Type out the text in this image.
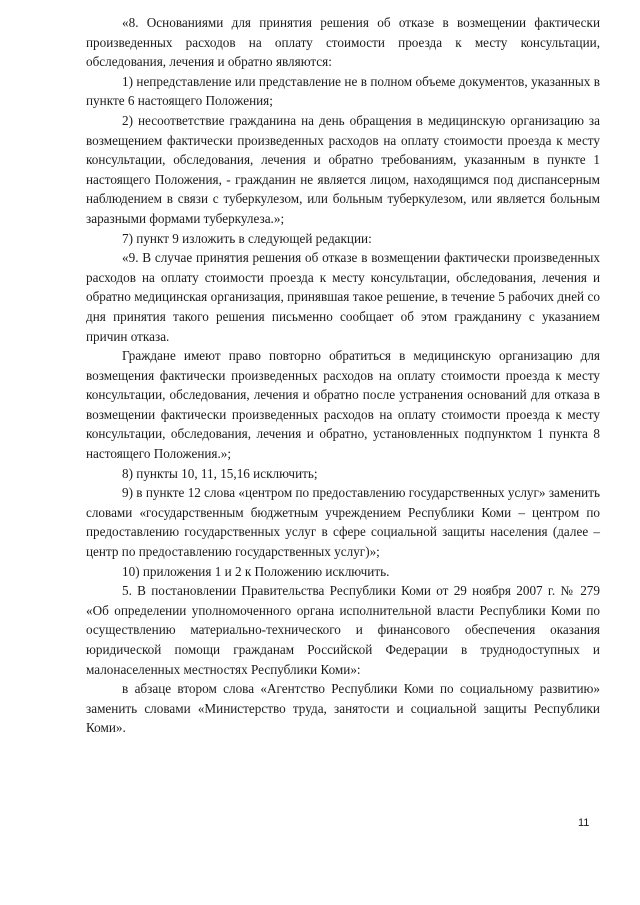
«8. Основаниями для принятия решения об отказе в возмещении фактически произведенных расходов на оплату стоимости проезда к месту консультации, обследования, лечения и обратно являются:

1) непредставление или представление не в полном объеме документов, указанных в пункте 6 настоящего Положения;

2) несоответствие гражданина на день обращения в медицинскую организацию за возмещением фактически произведенных расходов на оплату стоимости проезда к месту консультации, обследования, лечения и обратно требованиям, указанным в пункте 1 настоящего Положения, - гражданин не является лицом, находящимся под диспансерным наблюдением в связи с туберкулезом, или больным туберкулезом, или является больным заразными формами туберкулеза.»;

7) пункт 9 изложить в следующей редакции:

«9. В случае принятия решения об отказе в возмещении фактически произведенных расходов на оплату стоимости проезда к месту консультации, обследования, лечения и обратно медицинская организация, принявшая такое решение, в течение 5 рабочих дней со дня принятия такого решения письменно сообщает об этом гражданину с указанием причин отказа.

Граждане имеют право повторно обратиться в медицинскую организацию для возмещения фактически произведенных расходов на оплату стоимости проезда к месту консультации, обследования, лечения и обратно после устранения оснований для отказа в возмещении фактически произведенных расходов на оплату стоимости проезда к месту консультации, обследования, лечения и обратно, установленных подпунктом 1 пункта 8 настоящего Положения.»;

8) пункты 10, 11, 15,16 исключить;

9) в пункте 12 слова «центром по предоставлению государственных услуг» заменить словами «государственным бюджетным учреждением Республики Коми – центром по предоставлению государственных услуг в сфере социальной защиты населения (далее – центр по предоставлению государственных услуг)»;

10) приложения 1 и 2 к Положению исключить.

5. В постановлении Правительства Республики Коми от 29 ноября 2007 г. № 279 «Об определении уполномоченного органа исполнительной власти Республики Коми по осуществлению материально-технического и финансового обеспечения оказания юридической помощи гражданам Российской Федерации в труднодоступных и малонаселенных местностях Республики Коми»:

в абзаце втором слова «Агентство Республики Коми по социальному развитию» заменить словами «Министерство труда, занятости и социальной защиты Республики Коми».

11
